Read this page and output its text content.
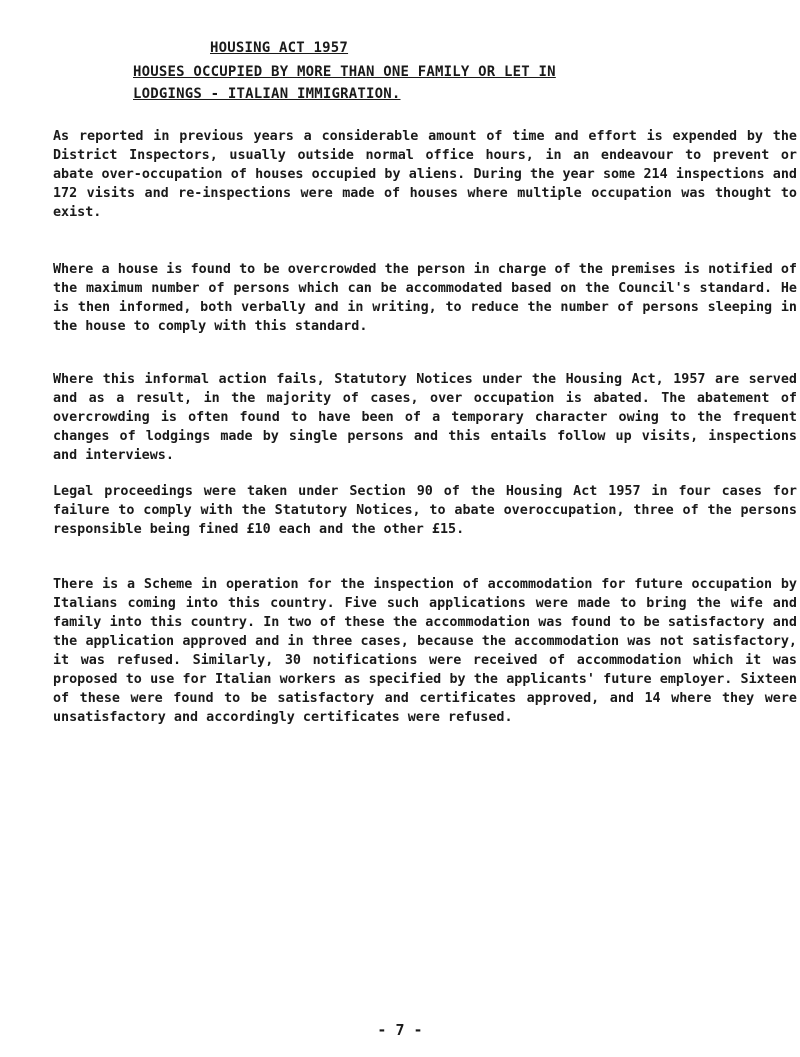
HOUSING ACT 1957
HOUSES OCCUPIED BY MORE THAN ONE FAMILY OR LET IN
LODGINGS - ITALIAN IMMIGRATION.

As reported in previous years a considerable amount of time and effort is expended by the District Inspectors, usually outside normal office hours, in an endeavour to prevent or abate over-occupation of houses occupied by aliens. During the year some 214 inspections and 172 visits and re-inspections were made of houses where multiple occupation was thought to exist.

Where a house is found to be overcrowded the person in charge of the premises is notified of the maximum number of persons which can be accommodated based on the Council's standard. He is then informed, both verbally and in writing, to reduce the number of persons sleeping in the house to comply with this standard.

Where this informal action fails, Statutory Notices under the Housing Act, 1957 are served and as a result, in the majority of cases, over occupation is abated. The abatement of overcrowding is often found to have been of a temporary character owing to the frequent changes of lodgings made by single persons and this entails follow up visits, inspections and interviews.

Legal proceedings were taken under Section 90 of the Housing Act 1957 in four cases for failure to comply with the Statutory Notices, to abate overoccupation, three of the persons responsible being fined £10 each and the other £15.

There is a Scheme in operation for the inspection of accommodation for future occupation by Italians coming into this country. Five such applications were made to bring the wife and family into this country. In two of these the accommodation was found to be satisfactory and the application approved and in three cases, because the accommodation was not satisfactory, it was refused. Similarly, 30 notifications were received of accommodation which it was proposed to use for Italian workers as specified by the applicants' future employer. Sixteen of these were found to be satisfactory and certificates approved, and 14 where they were unsatisfactory and accordingly certificates were refused.

- 7 -
